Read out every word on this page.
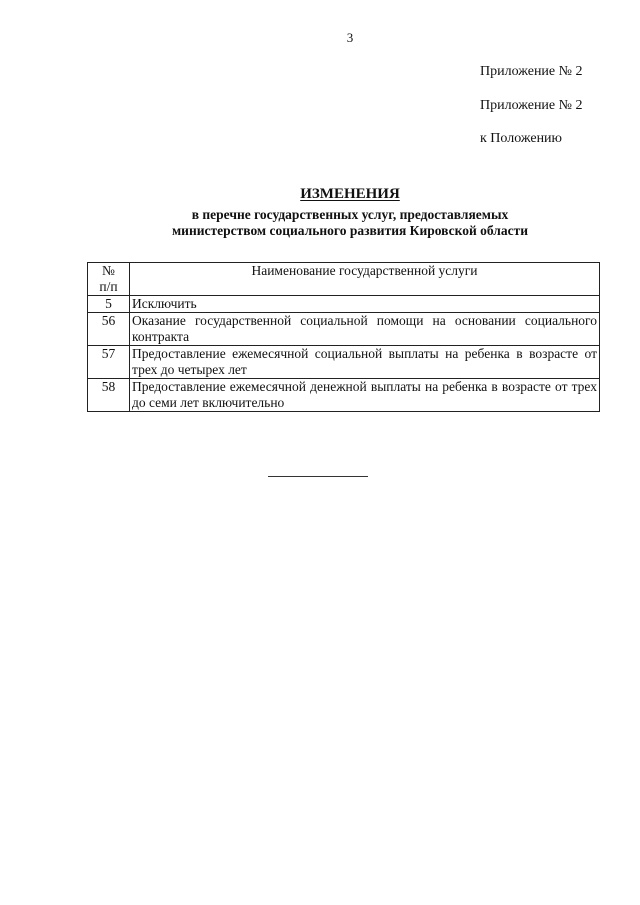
3
Приложение № 2
Приложение № 2
к Положению
ИЗМЕНЕНИЯ
в перечне государственных услуг, предоставляемых
министерством социального развития Кировской области
№
п/п	Наименование государственной услуги
5	Исключить
56	Оказание государственной социальной помощи на основании социального контракта
57	Предоставление ежемесячной социальной выплаты на ребенка в возрасте от трех до четырех лет
58	Предоставление ежемесячной денежной выплаты на ребенка в возрасте от трех до семи лет включительно
